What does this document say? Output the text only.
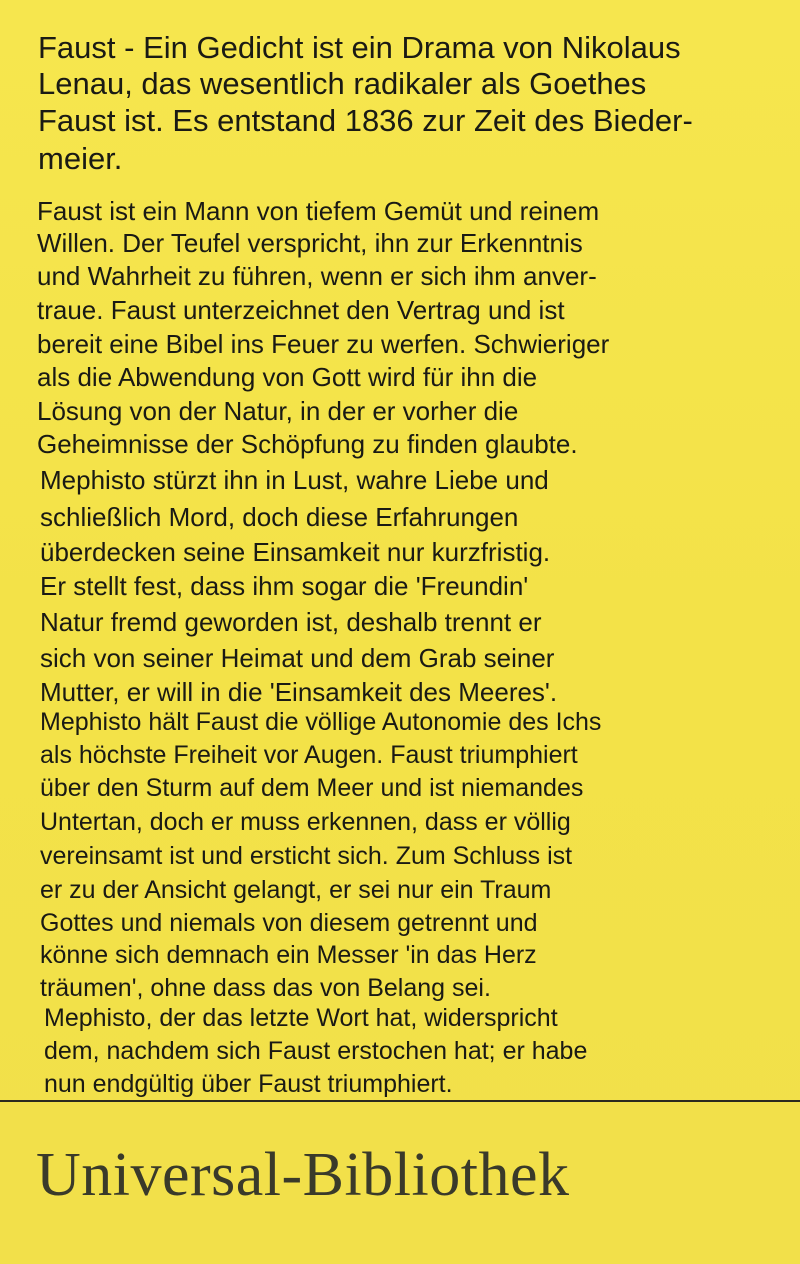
Faust - Ein Gedicht ist ein Drama von Nikolaus
Lenau, das wesentlich radikaler als Goethes
Faust ist. Es entstand 1836 zur Zeit des Bieder-
meier.
Faust ist ein Mann von tiefem Gemüt und reinem
Willen. Der Teufel verspricht, ihn zur Erkenntnis
und Wahrheit zu führen, wenn er sich ihm anver-
traue. Faust unterzeichnet den Vertrag und ist
bereit eine Bibel ins Feuer zu werfen. Schwieriger
als die Abwendung von Gott wird für ihn die
Lösung von der Natur, in der er vorher die
Geheimnisse der Schöpfung zu finden glaubte.
Mephisto stürzt ihn in Lust, wahre Liebe und
schließlich Mord, doch diese Erfahrungen
überdecken seine Einsamkeit nur kurzfristig.
Er stellt fest, dass ihm sogar die 'Freundin'
Natur fremd geworden ist, deshalb trennt er
sich von seiner Heimat und dem Grab seiner
Mutter, er will in die 'Einsamkeit des Meeres'.
Mephisto hält Faust die völlige Autonomie des Ichs
als höchste Freiheit vor Augen. Faust triumphiert
über den Sturm auf dem Meer und ist niemandes
Untertan, doch er muss erkennen, dass er völlig
vereinsamt ist und ersticht sich. Zum Schluss ist
er zu der Ansicht gelangt, er sei nur ein Traum
Gottes und niemals von diesem getrennt und
könne sich demnach ein Messer 'in das Herz
träumen', ohne dass das von Belang sei.
Mephisto, der das letzte Wort hat, widerspricht
dem, nachdem sich Faust erstochen hat; er habe
nun endgültig über Faust triumphiert.
Universal-Bibliothek
